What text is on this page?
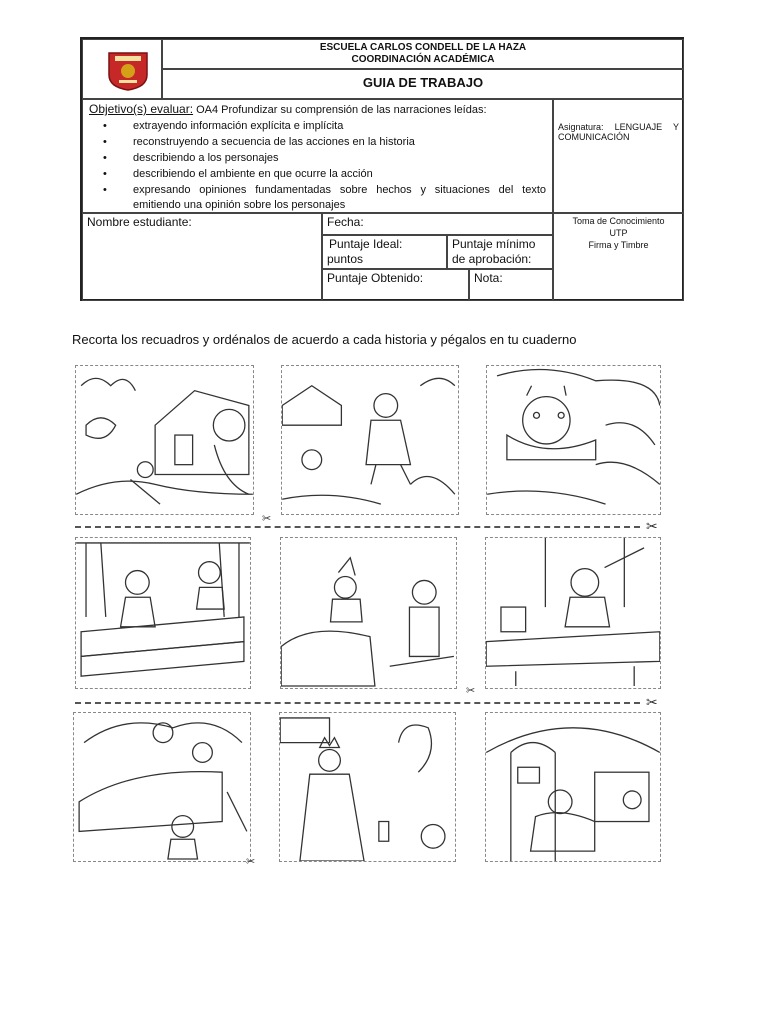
ESCUELA CARLOS CONDELL DE LA HAZA
COORDINACIÓN ACADÉMICA
GUIA DE TRABAJO
Objetivo(s) evaluar: OA4 Profundizar su comprensión de las narraciones leídas:
• extrayendo información explícita e implícita
• reconstruyendo a secuencia de las acciones en la historia
• describiendo a los personajes
• describiendo el ambiente en que ocurre la acción
• expresando opiniones fundamentadas sobre hechos y situaciones del texto
emitiendo una opinión sobre los personajes
Asignatura: LENGUAJE Y COMUNICACIÓN
Nombre estudiante:	Fecha:
Puntaje Ideal:
puntos
Puntaje mínimo
de aprobación:
Puntaje Obtenido:	Nota:
Toma de Conocimiento
UTP
Firma y Timbre
Recorta los recuadros y ordénalos de acuerdo a cada historia y pégalos en tu cuaderno
✂
✂
✂
✂
✂
